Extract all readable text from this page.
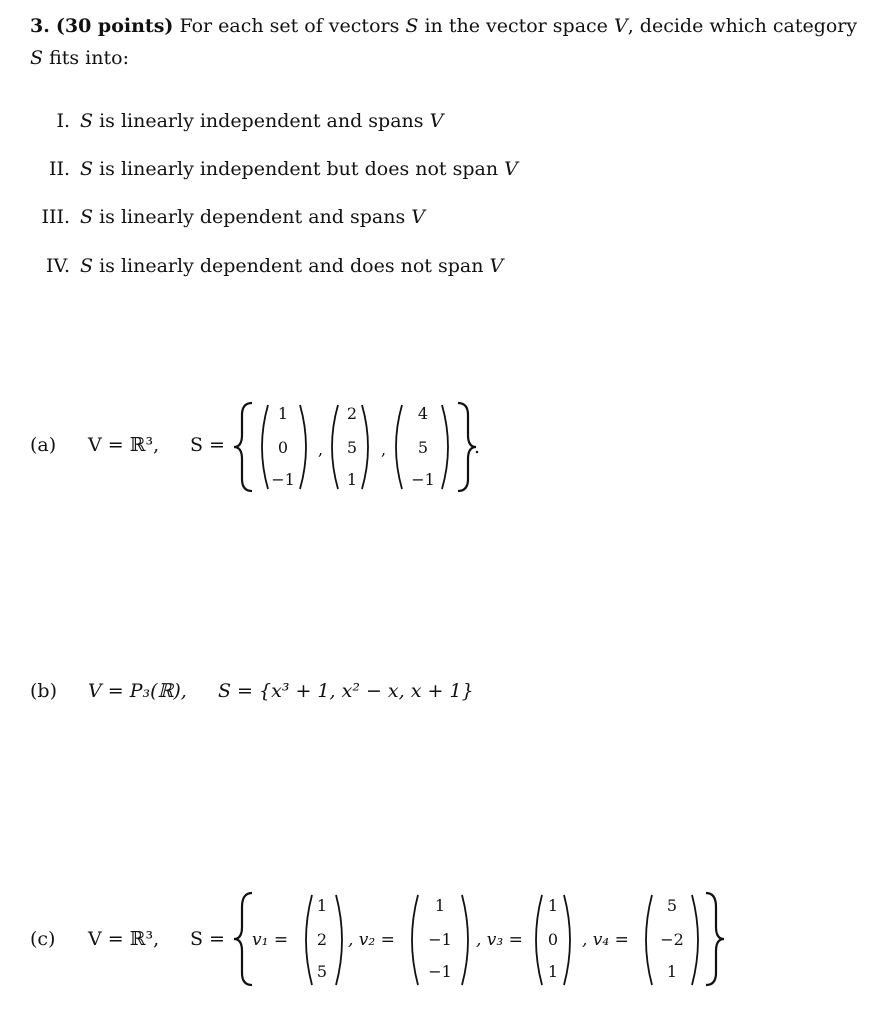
3. (30 points) For each set of vectors S in the vector space V, decide which category S fits into:
I. S is linearly independent and spans V
II. S is linearly independent but does not span V
III. S is linearly dependent and spans V
IV. S is linearly dependent and does not span V
(a) V = ℝ³, S =
1
0
−1
,
2
5
1
,
4
5
−1
.
(b) V = P₃(ℝ), S = {x³ + 1, x² − x, x + 1}
(c) V = ℝ³, S = v₁ =
1
2
5
, v₂ =
1
−1
−1
, v₃ =
1
0
1
, v₄ =
5
−2
1
